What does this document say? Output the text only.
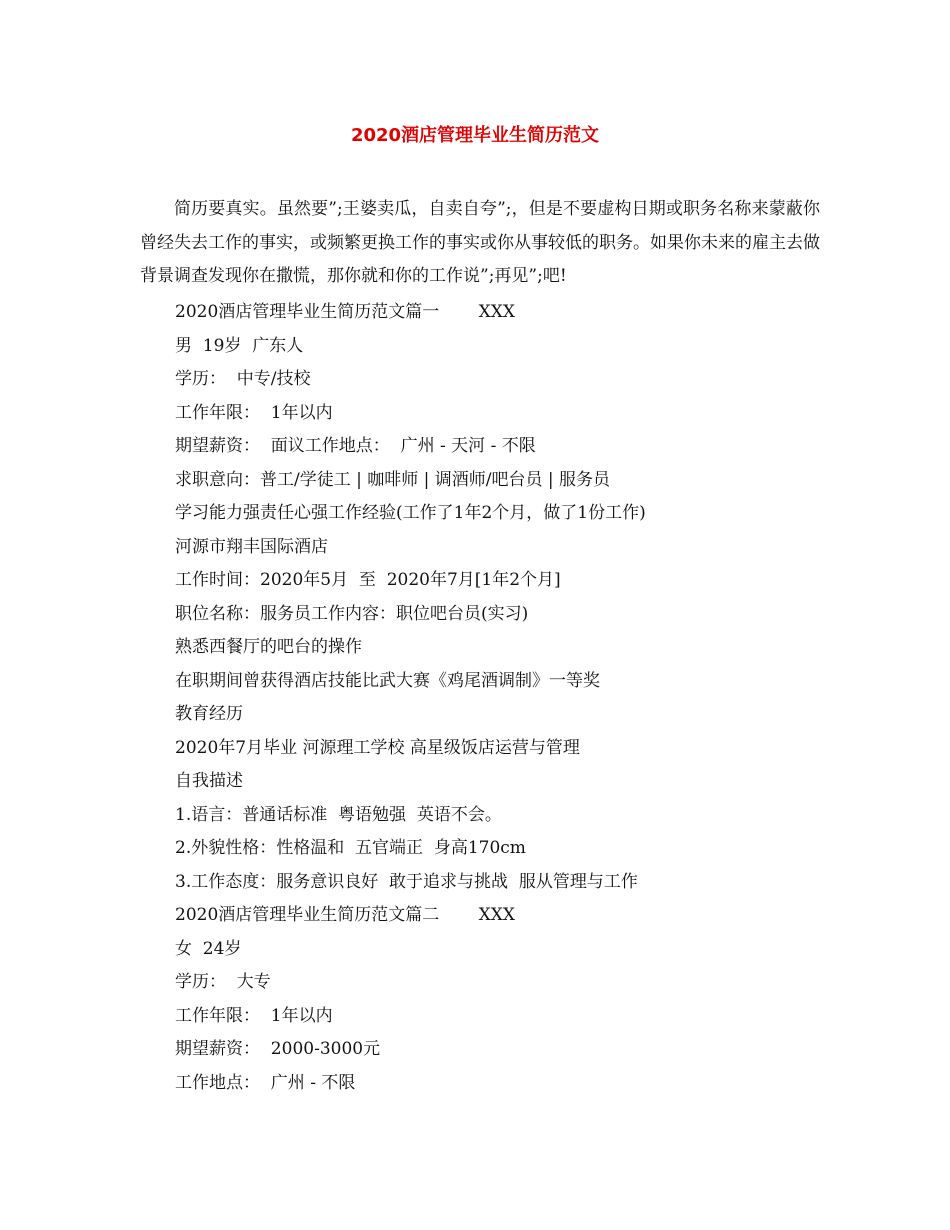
2020酒店管理毕业生简历范文

简历要真实。虽然要”;王婆卖瓜，自卖自夸”;，但是不要虚构日期或职务名称来蒙蔽你曾经失去工作的事实，或频繁更换工作的事实或你从事较低的职务。如果你未来的雇主去做背景调查发现你在撒慌，那你就和你的工作说”;再见”;吧!

2020酒店管理毕业生简历范文篇一　　 XXX
男  19岁  广东人
学历：  中专/技校
工作年限：  1年以内
期望薪资：  面议工作地点：  广州 - 天河 - 不限
求职意向：普工/学徒工 | 咖啡师 | 调酒师/吧台员 | 服务员
学习能力强责任心强工作经验(工作了1年2个月，做了1份工作)
河源市翔丰国际酒店
工作时间：2020年5月  至  2020年7月[1年2个月]
职位名称：服务员工作内容：职位吧台员(实习)
熟悉西餐厅的吧台的操作
在职期间曾获得酒店技能比武大赛《鸡尾酒调制》一等奖
教育经历
2020年7月毕业 河源理工学校 高星级饭店运营与管理
自我描述
1.语言：普通话标准  粤语勉强  英语不会。
2.外貌性格：性格温和  五官端正  身高170cm
3.工作态度：服务意识良好  敢于追求与挑战  服从管理与工作
2020酒店管理毕业生简历范文篇二　　 XXX
女  24岁
学历：  大专
工作年限：  1年以内
期望薪资：  2000-3000元
工作地点：  广州 - 不限
